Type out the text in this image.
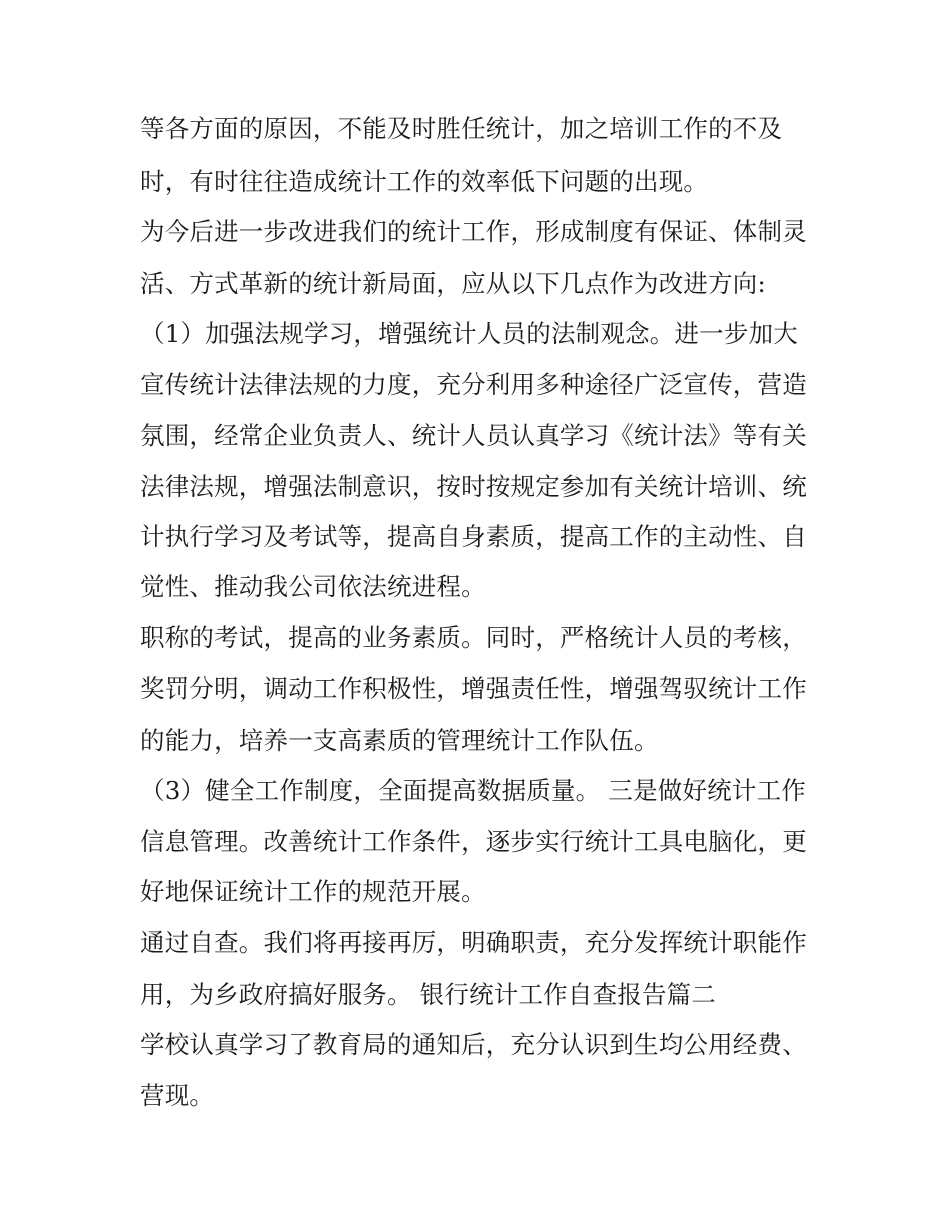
等各方面的原因，不能及时胜任统计，加之培训工作的不及
时，有时往往造成统计工作的效率低下问题的出现。
为今后进一步改进我们的统计工作，形成制度有保证、体制灵
活、方式革新的统计新局面，应从以下几点作为改进方向:
（1）加强法规学习，增强统计人员的法制观念。进一步加大
宣传统计法律法规的力度，充分利用多种途径广泛宣传，营造
氛围，经常企业负责人、统计人员认真学习《统计法》等有关
法律法规，增强法制意识，按时按规定参加有关统计培训、统
计执行学习及考试等，提高自身素质，提高工作的主动性、自
觉性、推动我公司依法统进程。
职称的考试，提高的业务素质。同时，严格统计人员的考核，
奖罚分明，调动工作积极性，增强责任性，增强驾驭统计工作
的能力，培养一支高素质的管理统计工作队伍。
（3）健全工作制度，全面提高数据质量。 三是做好统计工作
信息管理。改善统计工作条件，逐步实行统计工具电脑化，更
好地保证统计工作的规范开展。
通过自查。我们将再接再厉，明确职责，充分发挥统计职能作
用，为乡政府搞好服务。 银行统计工作自查报告篇二
学校认真学习了教育局的通知后，充分认识到生均公用经费、
营现。
